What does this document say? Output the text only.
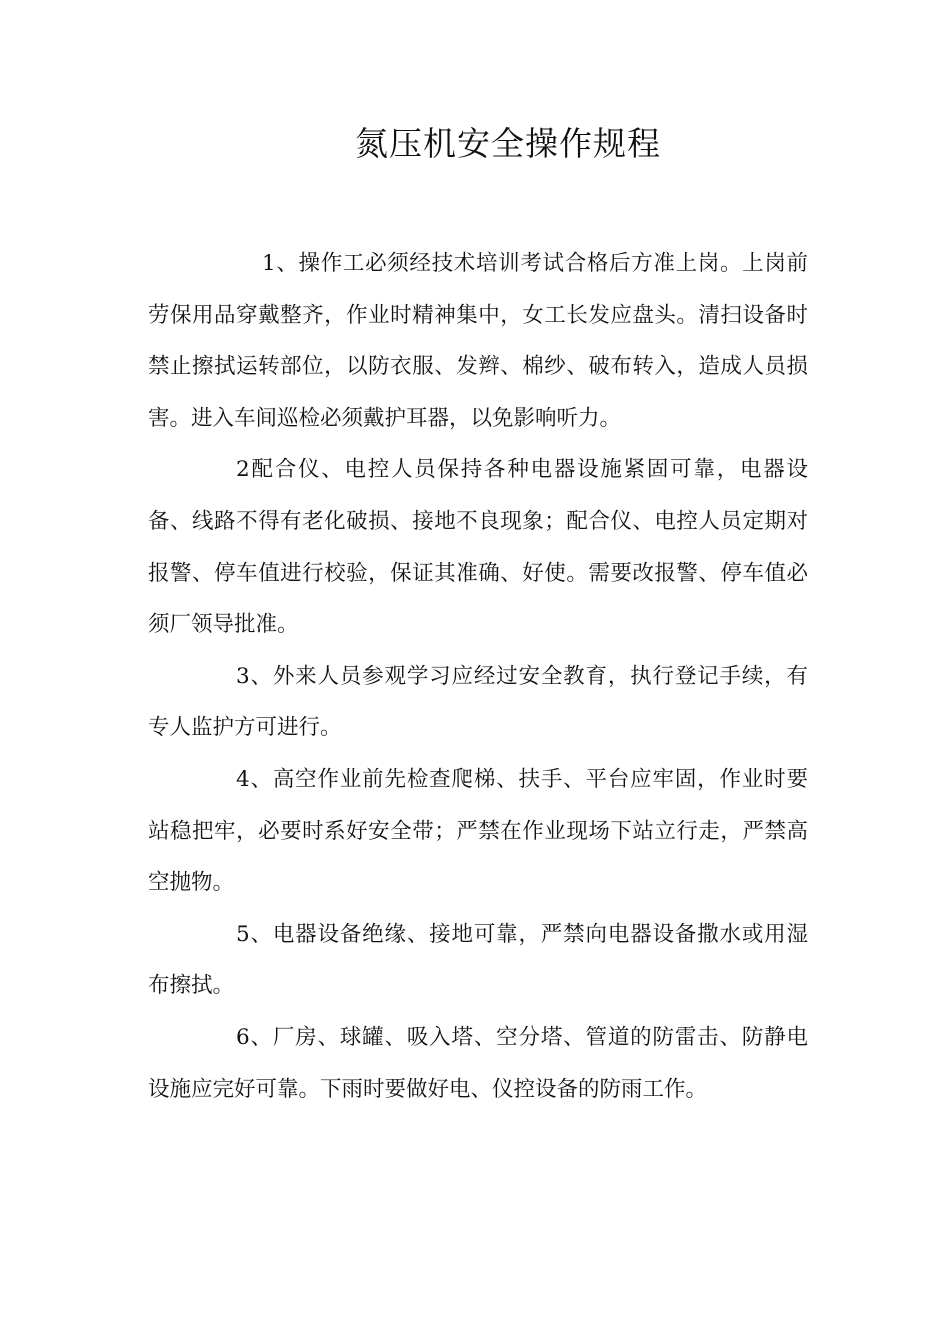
氮压机安全操作规程

1、操作工必须经技术培训考试合格后方准上岗。上岗前劳保用品穿戴整齐，作业时精神集中，女工长发应盘头。清扫设备时禁止擦拭运转部位，以防衣服、发辫、棉纱、破布转入，造成人员损害。进入车间巡检必须戴护耳器，以免影响听力。

2配合仪、电控人员保持各种电器设施紧固可靠，电器设备、线路不得有老化破损、接地不良现象；配合仪、电控人员定期对报警、停车值进行校验，保证其准确、好使。需要改报警、停车值必须厂领导批准。

3、外来人员参观学习应经过安全教育，执行登记手续，有专人监护方可进行。

4、高空作业前先检查爬梯、扶手、平台应牢固，作业时要站稳把牢，必要时系好安全带；严禁在作业现场下站立行走，严禁高空抛物。

5、电器设备绝缘、接地可靠，严禁向电器设备撒水或用湿布擦拭。

6、厂房、球罐、吸入塔、空分塔、管道的防雷击、防静电设施应完好可靠。下雨时要做好电、仪控设备的防雨工作。
